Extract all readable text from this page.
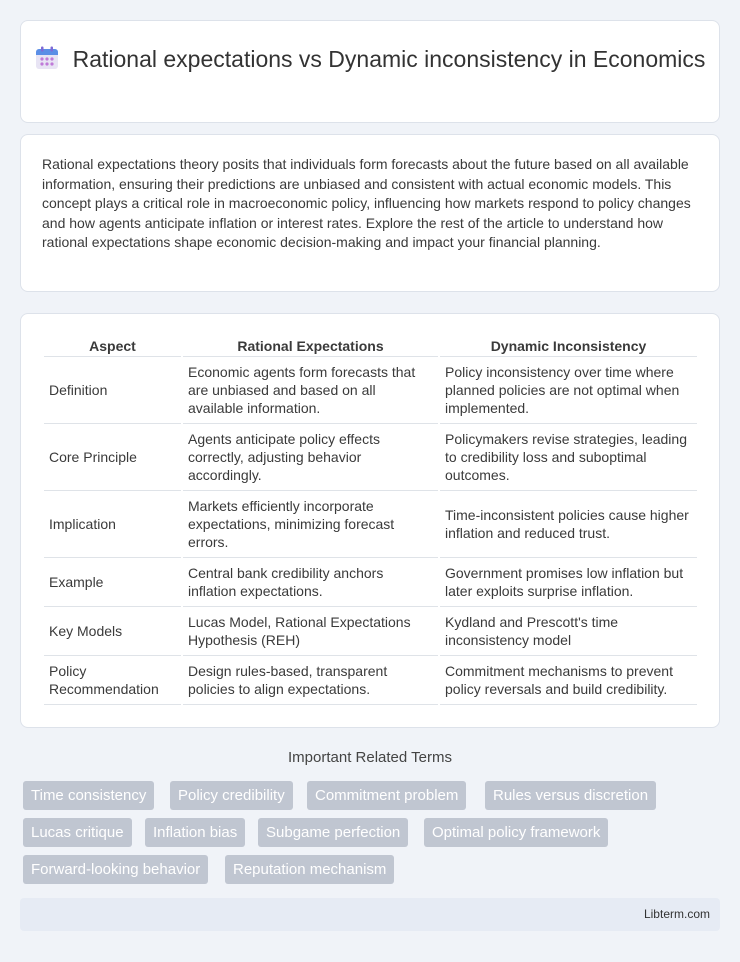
Rational expectations vs Dynamic inconsistency in Economics

Rational expectations theory posits that individuals form forecasts about the future based on all available information, ensuring their predictions are unbiased and consistent with actual economic models. This concept plays a critical role in macroeconomic policy, influencing how markets respond to policy changes and how agents anticipate inflation or interest rates. Explore the rest of the article to understand how rational expectations shape economic decision-making and impact your financial planning.

Aspect	Rational Expectations	Dynamic Inconsistency
Definition	Economic agents form forecasts that are unbiased and based on all available information.	Policy inconsistency over time where planned policies are not optimal when implemented.
Core Principle	Agents anticipate policy effects correctly, adjusting behavior accordingly.	Policymakers revise strategies, leading to credibility loss and suboptimal outcomes.
Implication	Markets efficiently incorporate expectations, minimizing forecast errors.	Time-inconsistent policies cause higher inflation and reduced trust.
Example	Central bank credibility anchors inflation expectations.	Government promises low inflation but later exploits surprise inflation.
Key Models	Lucas Model, Rational Expectations Hypothesis (REH)	Kydland and Prescott's time inconsistency model
Policy Recommendation	Design rules-based, transparent policies to align expectations.	Commitment mechanisms to prevent policy reversals and build credibility.
Important Related Terms
Time consistency	Policy credibility	Commitment problem	Rules versus discretion
Lucas critique	Inflation bias	Subgame perfection	Optimal policy framework
Forward-looking behavior	Reputation mechanism
Libterm.com
